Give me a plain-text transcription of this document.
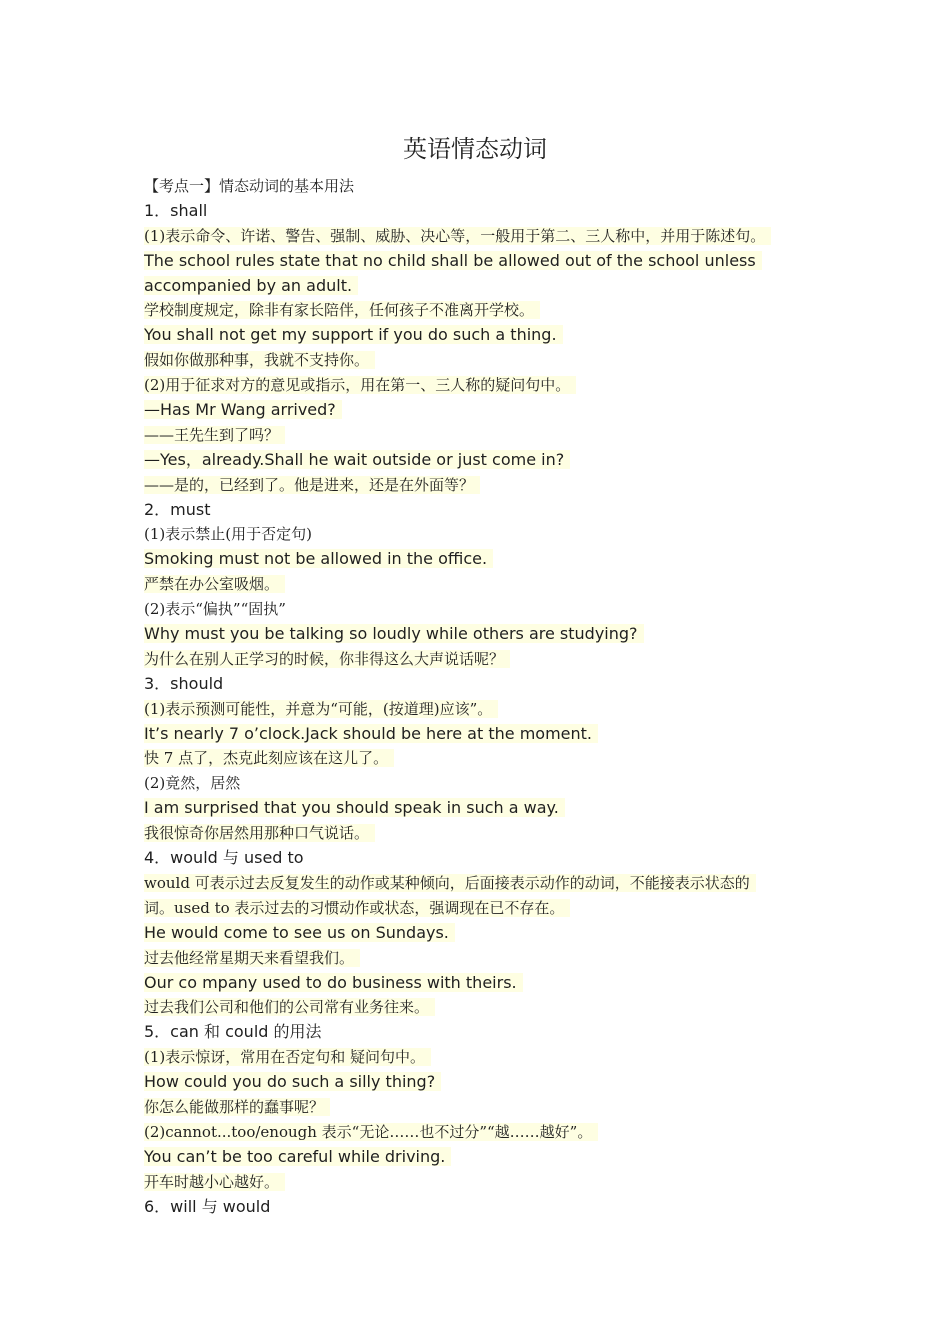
英语情态动词
【考点一】情态动词的基本用法
1．shall
(1)表示命令、许诺、警告、强制、威胁、决心等，一般用于第二、三人称中，并用于陈述句。
The school rules state that no child shall be allowed out of the school unless
accompanied by an adult.
学校制度规定，除非有家长陪伴，任何孩子不准离开学校。
You shall not get my support if you do such a thing.
假如你做那种事，我就不支持你。
(2)用于征求对方的意见或指示，用在第一、三人称的疑问句中。
—Has Mr Wang arrived?
——王先生到了吗？
—Yes，already.Shall he wait outside or just come in?
——是的，已经到了。他是进来，还是在外面等？
2．must
(1)表示禁止(用于否定句)
Smoking must not be allowed in the office.
严禁在办公室吸烟。
(2)表示“偏执”“固执”
Why must you be talking so loudly while others are studying?
为什么在别人正学习的时候，你非得这么大声说话呢？
3．should
(1)表示预测可能性，并意为“可能，(按道理)应该”。
It’s nearly 7 o’clock.Jack should be here at the moment.
快 7 点了，杰克此刻应该在这儿了。
(2)竟然，居然
I am surprised that you should speak in such a way.
我很惊奇你居然用那种口气说话。
4．would 与 used to
would 可表示过去反复发生的动作或某种倾向，后面接表示动作的动词，不能接表示状态的
词。used to 表示过去的习惯动作或状态，强调现在已不存在。
He would come to see us on Sundays.
过去他经常星期天来看望我们。
Our co mpany used to do business with theirs.
过去我们公司和他们的公司常有业务往来。
5．can 和 could 的用法
(1)表示惊讶，常用在否定句和 疑问句中。
How could you do such a silly thing?
你怎么能做那样的蠢事呢？
(2)cannot...too/enough 表示“无论……也不过分”“越……越好”。
You can’t be too careful while driving.
开车时越小心越好。
6．will 与 would
